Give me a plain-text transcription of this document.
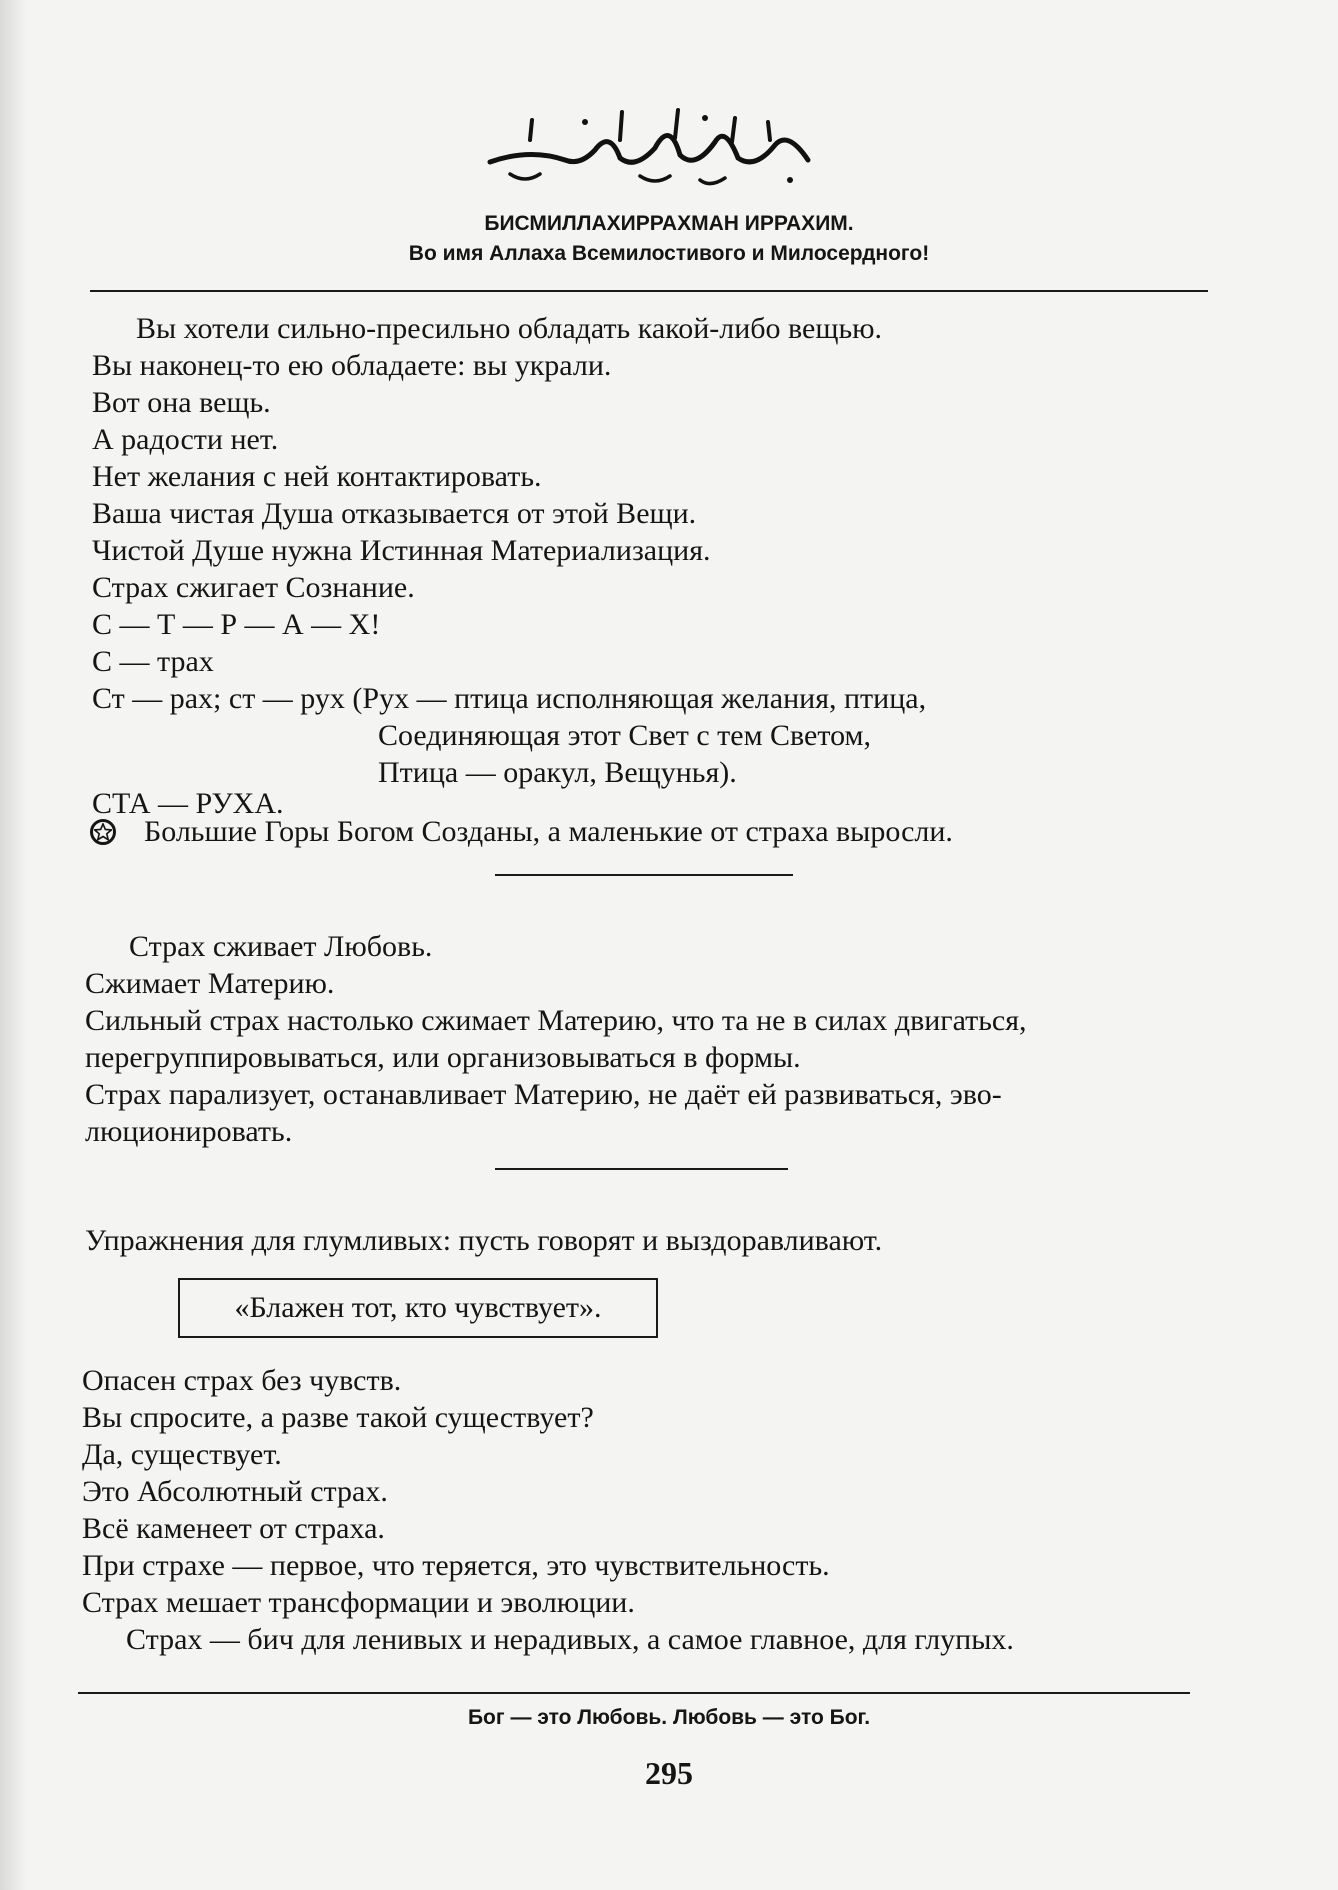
БИСМИЛЛАХИРРАХМАН ИРРАХИМ.
Во имя Аллаха Всемилостивого и Милосердного!
Вы хотели сильно-пресильно обладать какой-либо вещью.
Вы наконец-то ею обладаете: вы украли.
Вот она вещь.
А радости нет.
Нет желания с ней контактировать.
Ваша чистая Душа отказывается от этой Вещи.
Чистой Душе нужна Истинная Материализация.
Страх сжигает Сознание.
С — Т — Р — А — Х!
С — трах
Ст — рах; ст — рух (Рух — птица исполняющая желания, птица,
Соединяющая этот Свет с тем Светом,
Птица — оракул, Вещунья).
СТА — РУХА.
Большие Горы Богом Созданы, а маленькие от страха выросли.
Страх сживает Любовь.
Сжимает Материю.
Сильный страх настолько сжимает Материю, что та не в силах двигаться,
перегруппировываться, или организовываться в формы.
Страх парализует, останавливает Материю, не даёт ей развиваться, эво-
люционировать.
Упражнения для глумливых: пусть говорят и выздоравливают.
«Блажен тот, кто чувствует».
Опасен страх без чувств.
Вы спросите, а разве такой существует?
Да, существует.
Это Абсолютный страх.
Всё каменеет от страха.
При страхе — первое, что теряется, это чувствительность.
Страх мешает трансформации и эволюции.
Страх — бич для ленивых и нерадивых, а самое главное, для глупых.
Бог — это Любовь. Любовь — это Бог.
295
